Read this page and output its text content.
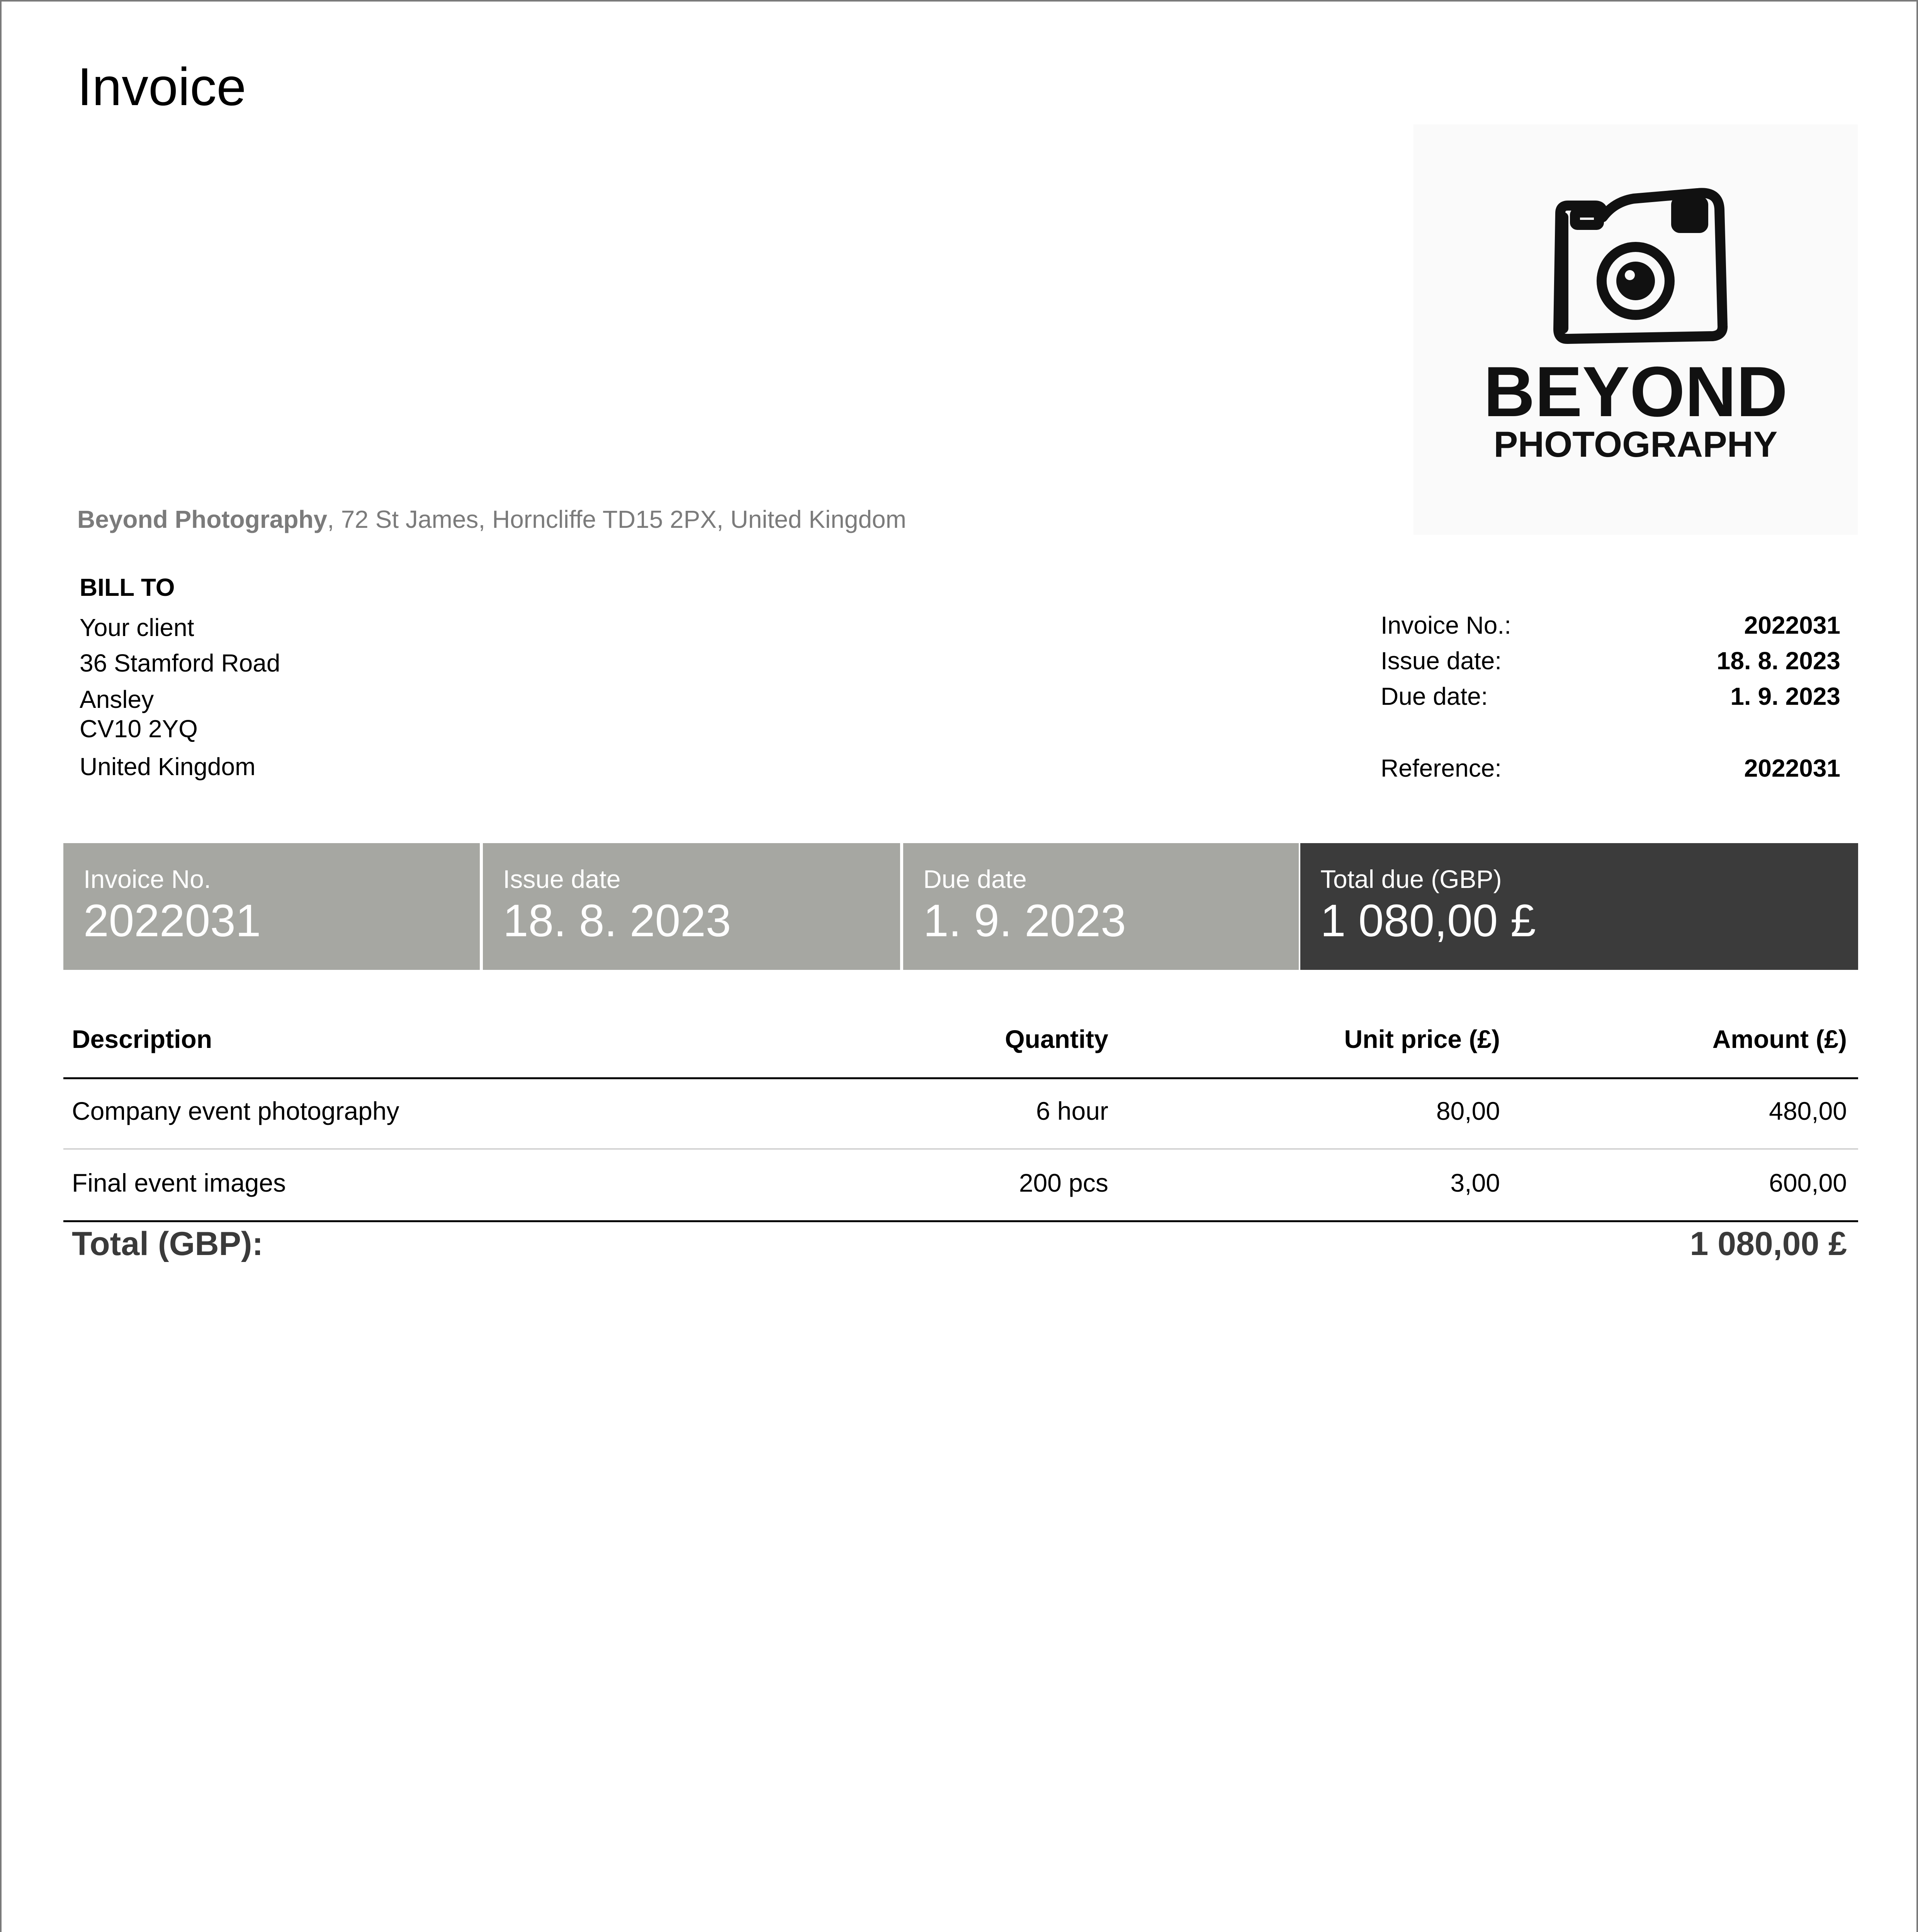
Invoice
BEYOND
PHOTOGRAPHY
Beyond Photography, 72 St James, Horncliffe TD15 2PX, United Kingdom
BILL TO
Your client
36 Stamford Road
Ansley
CV10 2YQ
United Kingdom
Invoice No.:	2022031
Issue date:	18. 8. 2023
Due date:	1. 9. 2023
Reference:	2022031
Invoice No.
2022031
Issue date
18. 8. 2023
Due date
1. 9. 2023
Total due (GBP)
1 080,00 £
Description	Quantity	Unit price (£)	Amount (£)
Company event photography	6 hour	80,00	480,00
Final event images	200 pcs	3,00	600,00
Total (GBP):	1 080,00 £
